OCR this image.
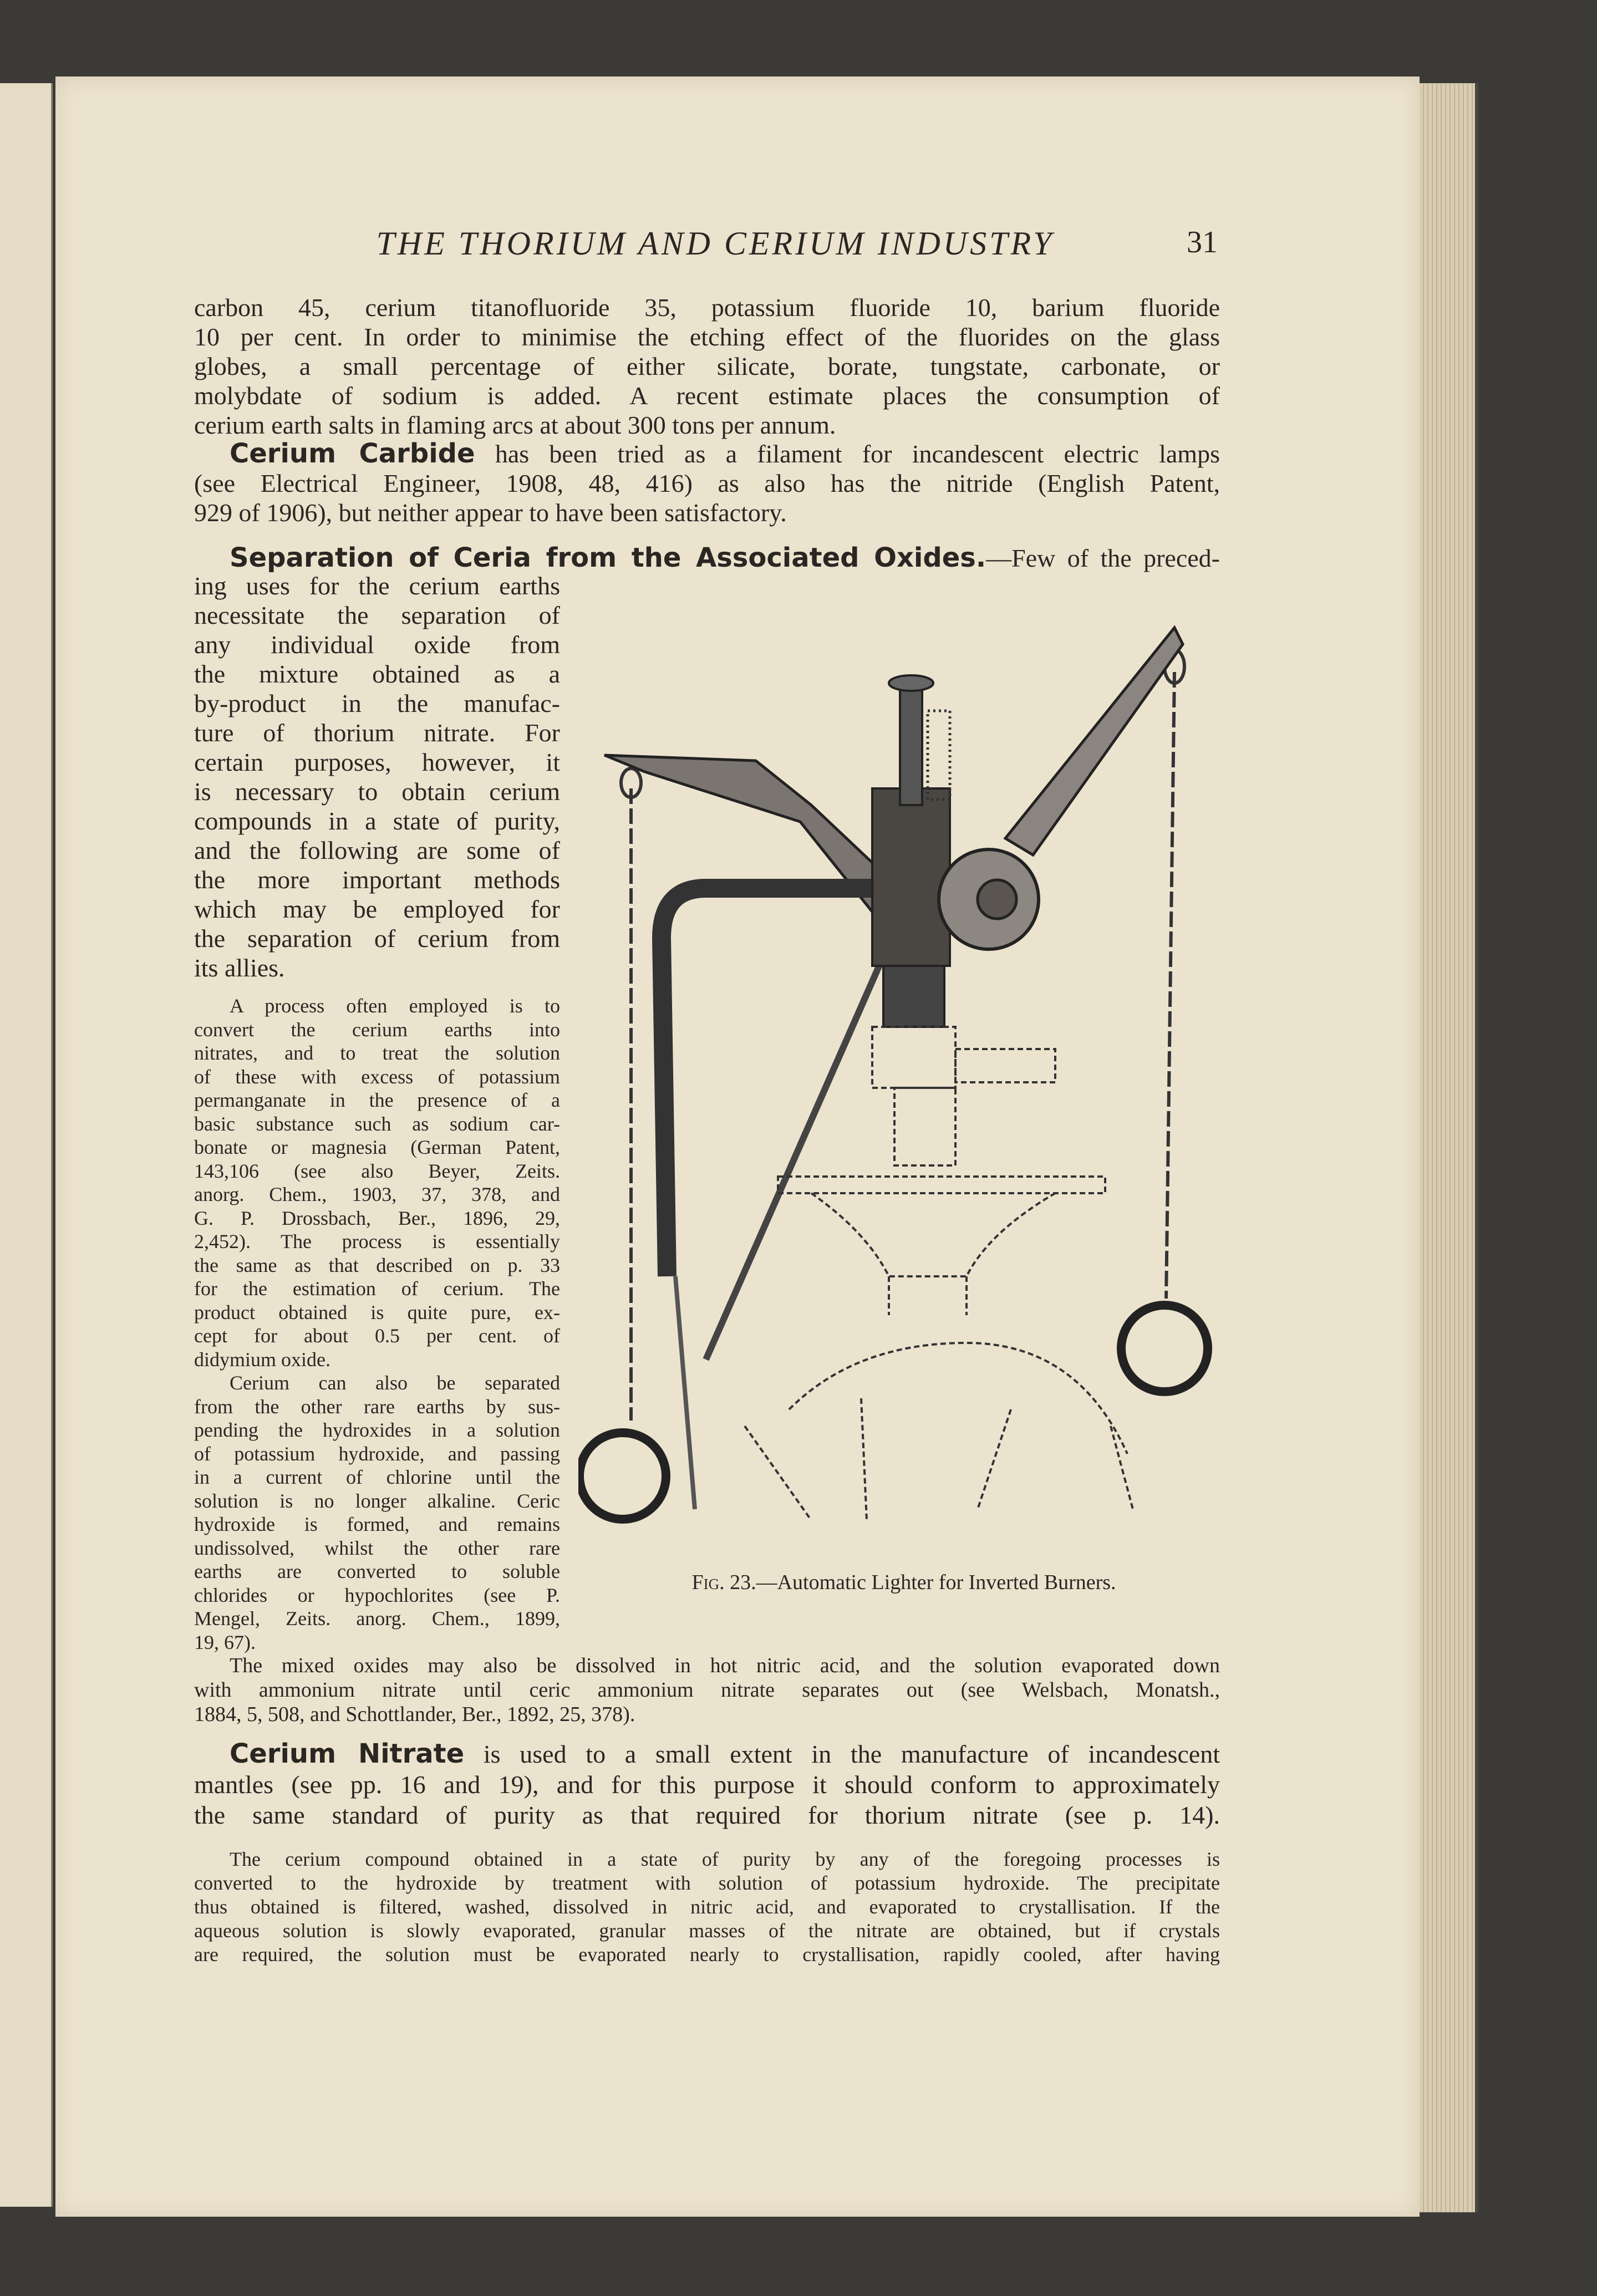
THE THORIUM AND CERIUM INDUSTRY	31
carbon 45, cerium titanofluoride 35, potassium fluoride 10, barium fluoride
10 per cent. In order to minimise the etching effect of the fluorides on the glass
globes, a small percentage of either silicate, borate, tungstate, carbonate, or
molybdate of sodium is added. A recent estimate places the consumption of
cerium earth salts in flaming arcs at about 300 tons per annum.
Cerium Carbide has been tried as a filament for incandescent electric lamps
(see Electrical Engineer, 1908, 48, 416) as also has the nitride (English Patent,
929 of 1906), but neither appear to have been satisfactory.
Separation of Ceria from the Associated Oxides.—Few of the preced-
ing uses for the cerium earths
necessitate the separation of
any individual oxide from
the mixture obtained as a
by-product in the manufac-
ture of thorium nitrate. For
certain purposes, however, it
is necessary to obtain cerium
compounds in a state of purity,
and the following are some of
the more important methods
which may be employed for
the separation of cerium from
its allies.
A process often employed is to
convert the cerium earths into
nitrates, and to treat the solution
of these with excess of potassium
permanganate in the presence of a
basic substance such as sodium car-
bonate or magnesia (German Patent,
143,106 (see also Beyer, Zeits.
anorg. Chem., 1903, 37, 378, and
G. P. Drossbach, Ber., 1896, 29,
2,452). The process is essentially
the same as that described on p. 33
for the estimation of cerium. The
product obtained is quite pure, ex-
cept for about 0.5 per cent. of
didymium oxide.
Cerium can also be separated
from the other rare earths by sus-
pending the hydroxides in a solution
of potassium hydroxide, and passing
in a current of chlorine until the
solution is no longer alkaline. Ceric
hydroxide is formed, and remains
undissolved, whilst the other rare
earths are converted to soluble
chlorides or hypochlorites (see P.
Mengel, Zeits. anorg. Chem., 1899,
19, 67).
The mixed oxides may also be dissolved in hot nitric acid, and the solution evaporated down
with ammonium nitrate until ceric ammonium nitrate separates out (see Welsbach, Monatsh.,
1884, 5, 508, and Schottlander, Ber., 1892, 25, 378).
Cerium Nitrate is used to a small extent in the manufacture of incandescent
mantles (see pp. 16 and 19), and for this purpose it should conform to approximately
the same standard of purity as that required for thorium nitrate (see p. 14).
The cerium compound obtained in a state of purity by any of the foregoing processes is
converted to the hydroxide by treatment with solution of potassium hydroxide. The precipitate
thus obtained is filtered, washed, dissolved in nitric acid, and evaporated to crystallisation. If the
aqueous solution is slowly evaporated, granular masses of the nitrate are obtained, but if crystals
are required, the solution must be evaporated nearly to crystallisation, rapidly cooled, after having
Fig. 23.—Automatic Lighter for Inverted Burners.
